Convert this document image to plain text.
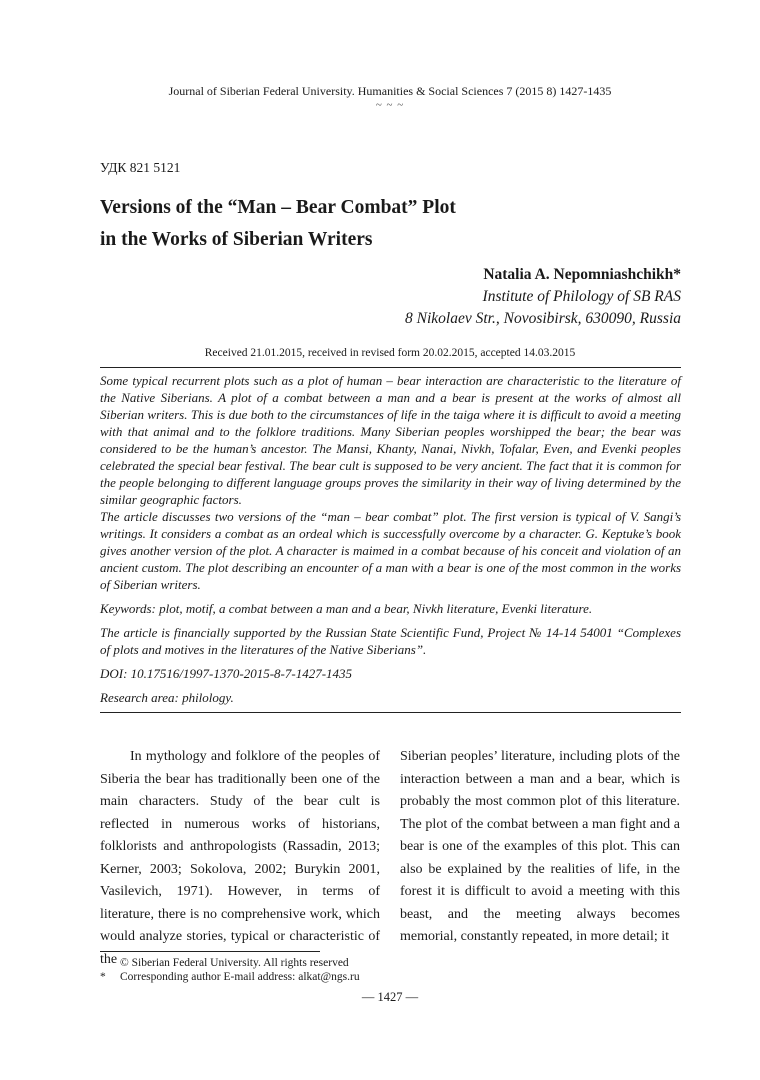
Journal of Siberian Federal University. Humanities & Social Sciences 7 (2015 8) 1427-1435
~ ~ ~
УДК 821 5121
Versions of the “Man – Bear Combat” Plot
in the Works of Siberian Writers
Natalia A. Nepomniashchikh*
Institute of Philology of SB RAS
8 Nikolaev Str., Novosibirsk, 630090, Russia
Received 21.01.2015, received in revised form 20.02.2015, accepted 14.03.2015

Some typical recurrent plots such as a plot of human – bear interaction are characteristic to the literature of the Native Siberians. A plot of a combat between a man and a bear is present at the works of almost all Siberian writers. This is due both to the circumstances of life in the taiga where it is difficult to avoid a meeting with that animal and to the folklore traditions. Many Siberian peoples worshipped the bear; the bear was considered to be the human’s ancestor. The Mansi, Khanty, Nanai, Nivkh, Tofalar, Even, and Evenki peoples celebrated the special bear festival. The bear cult is supposed to be very ancient. The fact that it is common for the people belonging to different language groups proves the similarity in their way of living determined by the similar geographic factors.

The article discusses two versions of the “man – bear combat” plot. The first version is typical of V. Sangi’s writings. It considers a combat as an ordeal which is successfully overcome by a character. G. Keptuke’s book gives another version of the plot. A character is maimed in a combat because of his conceit and violation of an ancient custom. The plot describing an encounter of a man with a bear is one of the most common in the works of Siberian writers.

Keywords: plot, motif, a combat between a man and a bear, Nivkh literature, Evenki literature.

The article is financially supported by the Russian State Scientific Fund, Project № 14-14 54001 “Complexes of plots and motives in the literatures of the Native Siberians”.

DOI: 10.17516/1997-1370-2015-8-7-1427-1435

Research area: philology.

In mythology and folklore of the peoples of Siberia the bear has traditionally been one of the main characters. Study of the bear cult is reflected in numerous works of historians, folklorists and anthropologists (Rassadin, 2013; Kerner, 2003; Sokolova, 2002; Burykin 2001, Vasilevich, 1971). However, in terms of literature, there is no comprehensive work, which would analyze stories, typical or characteristic of the

Siberian peoples’ literature, including plots of the interaction between a man and a bear, which is probably the most common plot of this literature. The plot of the combat between a man fight and a bear is one of the examples of this plot. This can also be explained by the realities of life, in the forest it is difficult to avoid a meeting with this beast, and the meeting always becomes memorial, constantly repeated, in more detail; it

© Siberian Federal University. All rights reserved
* Corresponding author E-mail address: alkat@ngs.ru
— 1427 —
